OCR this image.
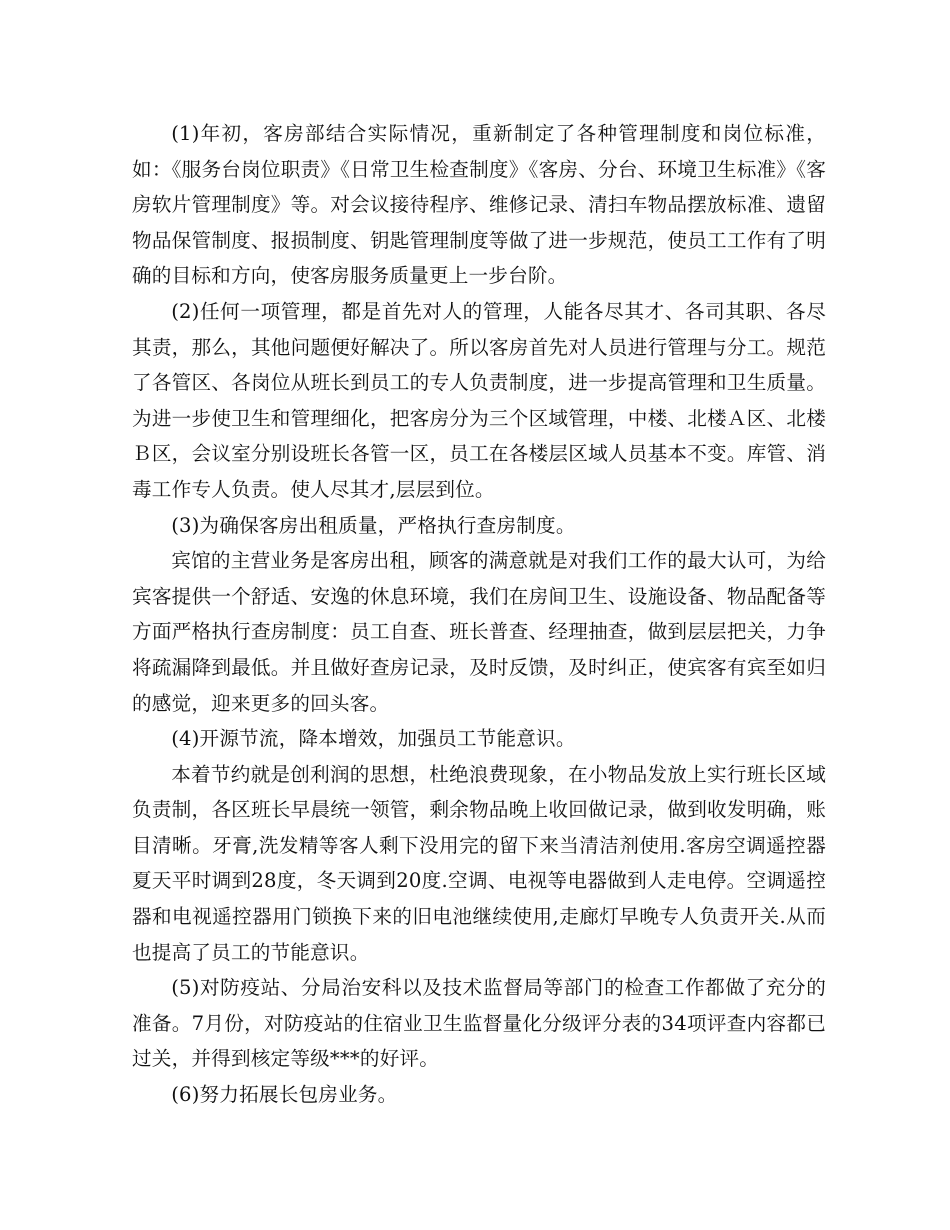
(1)年初，客房部结合实际情况，重新制定了各种管理制度和岗位标准，如：《服务台岗位职责》《日常卫生检查制度》《客房、分台、环境卫生标准》《客房软片管理制度》等。对会议接待程序、维修记录、清扫车物品摆放标准、遗留物品保管制度、报损制度、钥匙管理制度等做了进一步规范，使员工工作有了明确的目标和方向，使客房服务质量更上一步台阶。

(2)任何一项管理，都是首先对人的管理，人能各尽其才、各司其职、各尽其责，那么，其他问题便好解决了。所以客房首先对人员进行管理与分工。规范了各管区、各岗位从班长到员工的专人负责制度，进一步提高管理和卫生质量。为进一步使卫生和管理细化，把客房分为三个区域管理，中楼、北楼Ａ区、北楼Ｂ区，会议室分别设班长各管一区，员工在各楼层区域人员基本不变。库管、消毒工作专人负责。使人尽其才,层层到位。

(3)为确保客房出租质量，严格执行查房制度。

宾馆的主营业务是客房出租，顾客的满意就是对我们工作的最大认可，为给宾客提供一个舒适、安逸的休息环境，我们在房间卫生、设施设备、物品配备等方面严格执行查房制度：员工自查、班长普查、经理抽查，做到层层把关，力争将疏漏降到最低。并且做好查房记录，及时反馈，及时纠正，使宾客有宾至如归的感觉，迎来更多的回头客。

(4)开源节流，降本增效，加强员工节能意识。

本着节约就是创利润的思想，杜绝浪费现象，在小物品发放上实行班长区域负责制，各区班长早晨统一领管，剩余物品晚上收回做记录，做到收发明确，账目清晰。牙膏,洗发精等客人剩下没用完的留下来当清洁剂使用.客房空调遥控器夏天平时调到28度，冬天调到20度.空调、电视等电器做到人走电停。空调遥控器和电视遥控器用门锁换下来的旧电池继续使用,走廊灯早晚专人负责开关.从而也提高了员工的节能意识。

(5)对防疫站、分局治安科以及技术监督局等部门的检查工作都做了充分的准备。7月份，对防疫站的住宿业卫生监督量化分级评分表的34项评查内容都已过关，并得到核定等级***的好评。

(6)努力拓展长包房业务。
